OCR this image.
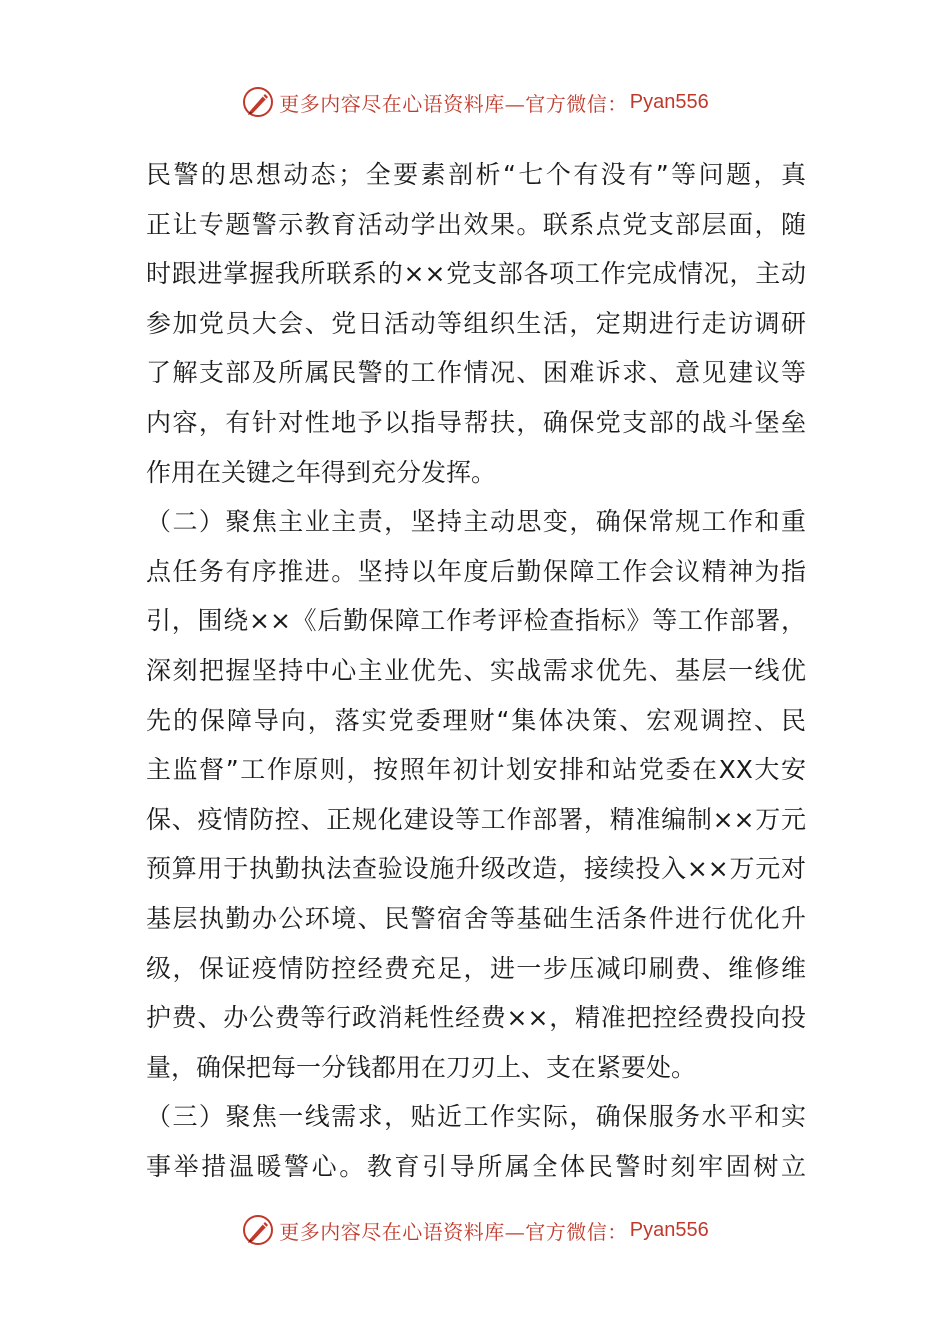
更多内容尽在心语资料库—官方微信： Pyan556
民警的思想动态；全要素剖析“七个有没有”等问题，真
正让专题警示教育活动学出效果。联系点党支部层面，随
时跟进掌握我所联系的××党支部各项工作完成情况，主动
参加党员大会、党日活动等组织生活，定期进行走访调研
了解支部及所属民警的工作情况、困难诉求、意见建议等
内容，有针对性地予以指导帮扶，确保党支部的战斗堡垒
作用在关键之年得到充分发挥。
（二）聚焦主业主责，坚持主动思变，确保常规工作和重
点任务有序推进。坚持以年度后勤保障工作会议精神为指
引，围绕××《后勤保障工作考评检查指标》等工作部署，
深刻把握坚持中心主业优先、实战需求优先、基层一线优
先的保障导向，落实党委理财“集体决策、宏观调控、民
主监督”工作原则，按照年初计划安排和站党委在XX大安
保、疫情防控、正规化建设等工作部署，精准编制××万元
预算用于执勤执法查验设施升级改造，接续投入××万元对
基层执勤办公环境、民警宿舍等基础生活条件进行优化升
级，保证疫情防控经费充足，进一步压减印刷费、维修维
护费、办公费等行政消耗性经费××，精准把控经费投向投
量，确保把每一分钱都用在刀刃上、支在紧要处。
（三）聚焦一线需求，贴近工作实际，确保服务水平和实
事举措温暖警心。教育引导所属全体民警时刻牢固树立
更多内容尽在心语资料库—官方微信： Pyan556
